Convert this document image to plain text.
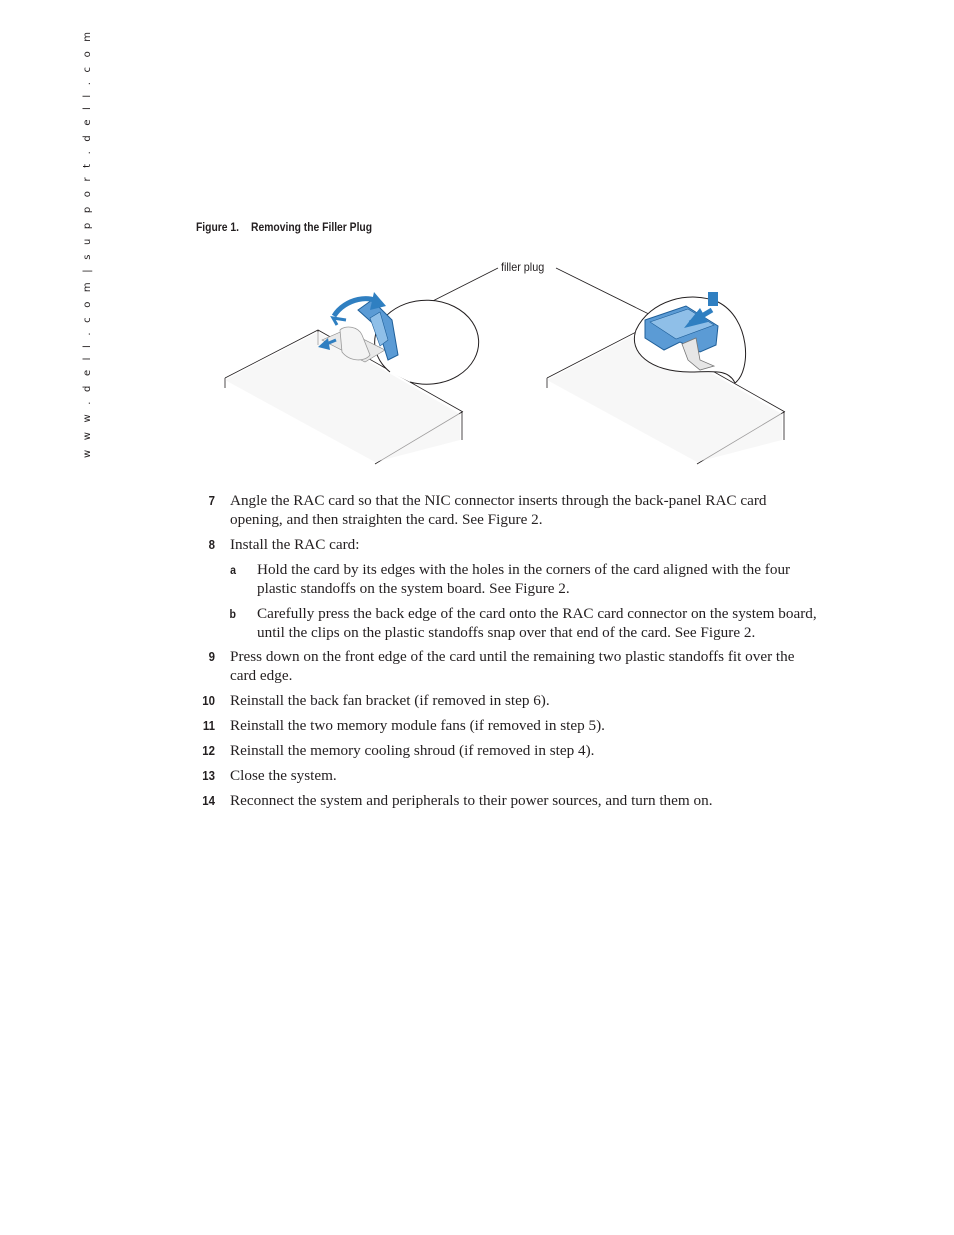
w w w . d e l l . c o m | s u p p o r t . d e l l . c o m	Figure 1. Removing the Filler Plug
filler plug
7 Angle the RAC card so that the NIC connector inserts through the back-panel RAC card opening, and then straighten the card. See Figure 2.
8 Install the RAC card:
a Hold the card by its edges with the holes in the corners of the card aligned with the four plastic standoffs on the system board. See Figure 2.
b Carefully press the back edge of the card onto the RAC card connector on the system board, until the clips on the plastic standoffs snap over that end of the card. See Figure 2.
9 Press down on the front edge of the card until the remaining two plastic standoffs fit over the card edge.
10 Reinstall the back fan bracket (if removed in step 6).
11 Reinstall the two memory module fans (if removed in step 5).
12 Reinstall the memory cooling shroud (if removed in step 4).
13 Close the system.
14 Reconnect the system and peripherals to their power sources, and turn them on.
